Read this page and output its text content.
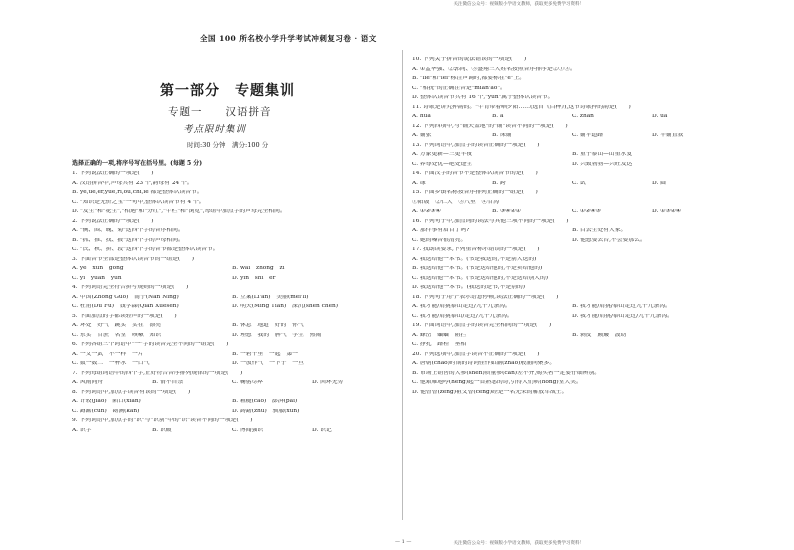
关注微信公众号：视频版小学语文教师，获取更多免费学习资料！
关注微信公众号：视频版小学语文教师，获取更多免费学习资料！
— 1 —
全国 100 所名校小学升学考试冲刺复习卷 · 语文
第一部分　专题集训
专题一　　汉语拼音
考点限时集训
时间:30 分钟　满分:100 分
选择正确的一项,将序号写在括号里。(每题 5 分)
1. 下列说法正确的一项是(　　)
A. 汉语拼音中,声母共有 23 个,韵母有 24 个。
B. ye,üe,er,yue,ri,ou,chi,ie 都是整体认读音节。
C. "知识是无价之宝"一句中,整体认读音节有 4 个。
D. "发生"和"花生","相遇"和"分红","牛栏"和"浏览",每组中加点字的声母完全相同。
2. 下列说法正确的一项是(　　)
A. "侧、围、魄、菊"这四个字的音序相同。
B. "抓、推、找、披"这四个字的声母相同。
C. "氏、秋、拼、段"这四个字的音节都是整体认读音节。
3. 下面音节全部是整体认读音节的一组是(　　)
A. yè　xūn　gōng	B. wài　zhōng　zǐ
C. yī　yuàn　yǔn	D. yīn　shí　ér
4. 下列词语完全符合拼写规则的一项是(　　)
A. 中国(Zhōng Guó)　南宁(Nán Níng)	B. 立案(Lì'àn)　美丽(měi'lì)
C. 杜甫(Dù Fǔ)　钱学森(Qián Xuésēn)	D. 明天(Míng Tiān)　深沉(shēn chén)
5. 下面加点的字都读轻声的一项是(　　)
A. 坏处　好气　跳实　实在　漂亮	B. 休息　地道　好的　你气
C. 东实　甘蔗　名堂　咳嗽　知识	D. 理想　我的　脾气　学生　热闹
6. 下列各组三个词语中"一"字的读音完全不同的一组是(　　)
A. 一文一武　不一样　一片	B. 一碧千里　一起　第一
C. 数一数二　一杯水　一口气	D. 一放作气　一下子　一旦
7. 下列每组词语中的四个字,正好符合音序排列规律的一项是(　　)
A. 风雨同舟	B. 情不自禁	C. 鞠躬尽瘁	D. 回环无穷
8. 下列词语中,加点字读音有误的一项是(　　)
A. 计较(jiào)　陷口(xiàn)	B. 粗糙(cāo)　澎湃(pài)
C. 蹲踞(cūn)　勘测(kān)	D. 踌躇(zhù)　驯服(xùn)
9. 下列词语中,加点字的"识"与"识别"中的"识"读音不同的一项是(　　)
A. 识字	B. 识破	C. 博闻强识	D. 识记
10. 下列关于拼音的说法错误的一项是(　　)
A. ①孟华强、②郭同、③盛翔三人姓名按照音序排序是②①③。
B. "lie"和"lei"标注声调时,都要标在"e"上。
C. "相抚"的正确注音是"miān'ǎo"。
D. 整体认读音节共有 16 个,"yun"属于整体认读音节。
11. 诗歌是讲究押韵的。"牛背带着晒夕阳……(选自《白桦》),这节诗歌押的韵是(　　)
A. hua	B. a	C. zhan	D. ua
12. 下列四项中,与"铺天盖地"的"铺"读音不同的一项是(　　)
A. 铺张	B. 床铺	C. 铺平道路	D. 平铺直叙
13. 下列词语中,加点字的读音正确的一项是(　　)
A. 万象更新—三更半夜	B. 重于泰山—山重水复
C. 养尊处优—绝处逢生	D. 兴致勃勃—兴旺发达
14. 下面汉字的音节不是整体认读音节的是(　　)
A. 绿	B. 跨	C. 试	D. 圆
15. 下面乡镇名称按音序排列正确的一组是(　　)
①阳坡　②仁大　③八里　④甘沟
A. ①②③④	B. ③④②①	C. ①②④③	D. ①③②④
16. 下列句子中,加点词的读法与其他三项不同的一项是(　　)
A. 那件事有眉目了吗?	B. 白云生处有人家。
C. 她的嗓音很清亮。	D. 他想要去台,不会要那么。
17. 找朗读要求,下列重音标示错误的一项是(　　)
A. 我送给他一本书。(书是我送的,不是别人送的)
B. 我送给他一本书。(书是送给他的,不是卖给他的)
C. 我送给他一本书。(书是送给他的,不是送给别人的)
D. 我送给他一本书。(我送的是书,不是别的)
18. 下列句子用"/"表示语意停顿,读法正确的一项是(　　)
A. 我才能/肩挑泰山走过/九十九条沟。	B. 我才能/肩挑/泰山走过九十九条沟。
C. 我才能/肩挑泰山/走过/九十九条沟。	D. 我才能/肩挑/泰山走过/九十九条沟。
19. 下面词语中,加点字的读音完全相同的一项是(　　)
A. 蜂峦　蛐蛐　阻拦	B. 剥皮　颠簸　波动
C. 挣扎　路程　巫相
20. 下列选项中,加点字读音不正确的一项是(　　)
A. 唐朝(cháo)时期的诗词佳作如潮(zhāo)般涌向聚多。
B. 市场上销售的人参(shēn)质量参(cān)差不齐,购买者一定要仔细辨别。
C. 他艰难地哼(hēng)起一首熟悉的诗,引得人们哄(hōng)堂大笑。
D. 他曾曾(zēng)祖父曾(céng)经是一名光荣的解放军战士。
